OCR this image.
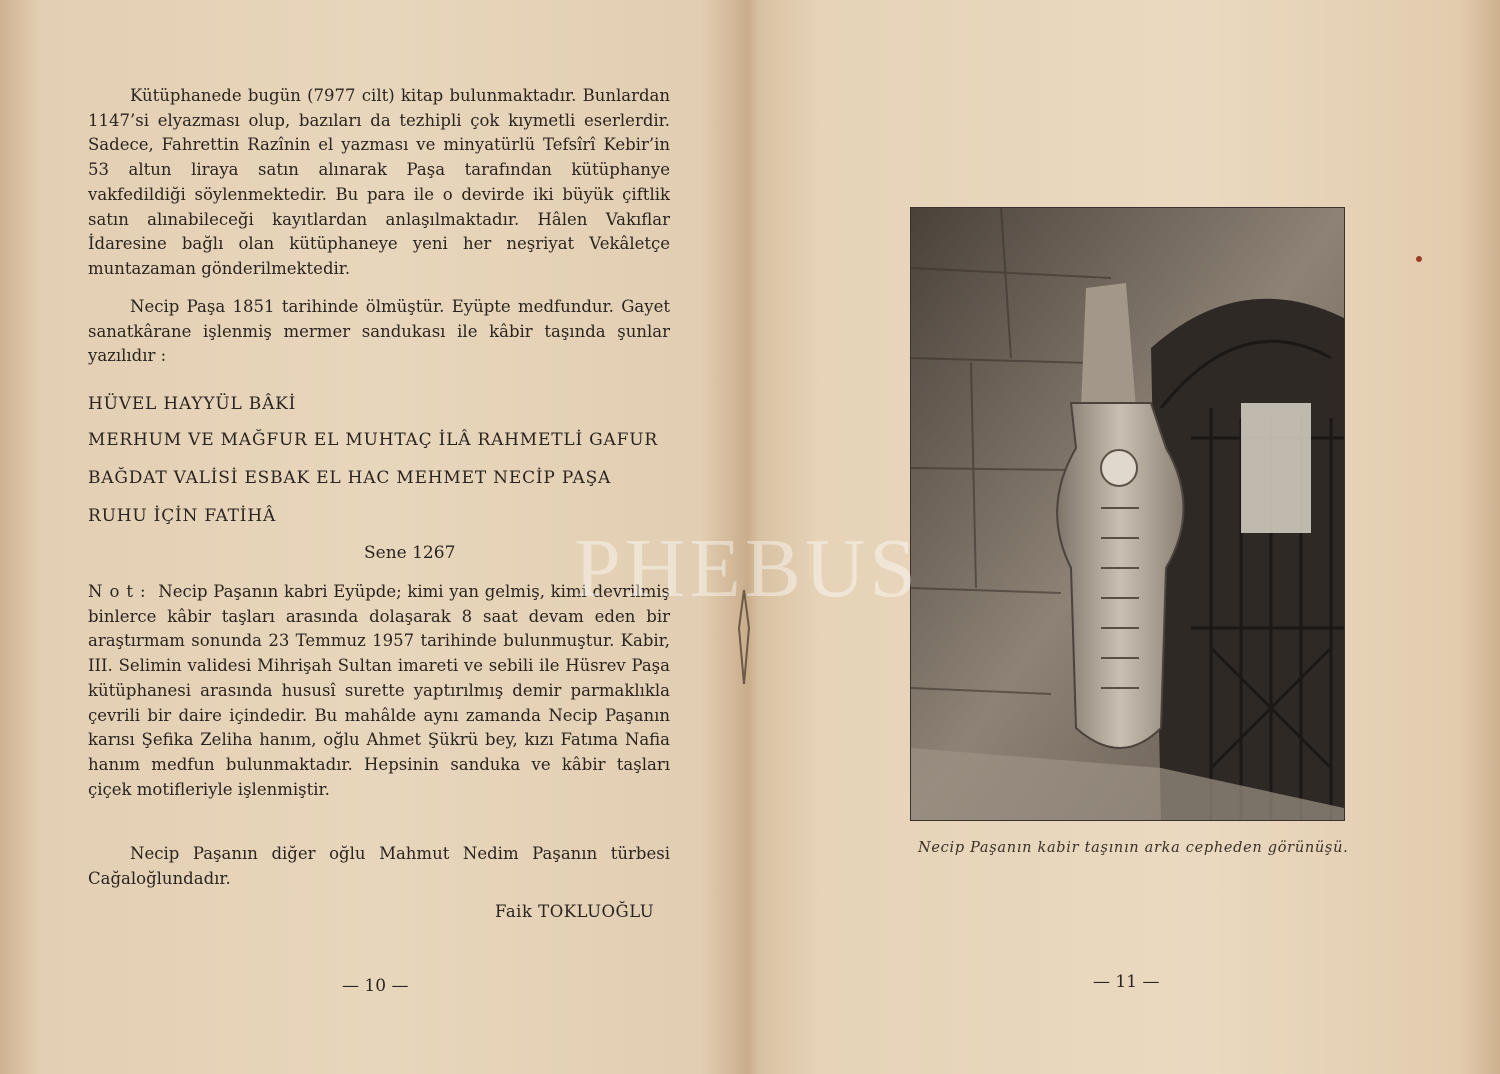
Kütüphanede bugün (7977 cilt) kitap bulunmaktadır. Bunlardan 1147’si elyazması olup, bazıları da tezhipli çok kıymetli eserlerdir. Sadece, Fahrettin Razînin el yazması ve minyatürlü Tefsîrî Kebir’in 53 altun liraya satın alınarak Paşa tarafından kütüphanye vakfedildiği söylenmektedir. Bu para ile o devirde iki büyük çiftlik satın alınabileceği kayıtlardan anlaşılmaktadır. Hâlen Vakıflar İdaresine bağlı olan kütüphaneye yeni her neşriyat Vekâletçe muntazaman gönderilmektedir.

Necip Paşa 1851 tarihinde ölmüştür. Eyüpte medfundur. Gayet sanatkârane işlenmiş mermer sandukası ile kâbir taşında şunlar yazılıdır :

HÜVEL HAYYÜL BÂKİ
MERHUM VE MAĞFUR EL MUHTAÇ İLÂ RAHMETLİ GAFUR
BAĞDAT VALİSİ ESBAK EL HAC MEHMET NECİP PAŞA
RUHU İÇİN FATİHÂ
Sene 1267

Not: Necip Paşanın kabri Eyüpde; kimi yan gelmiş, kimi devrilmiş binlerce kâbir taşları arasında dolaşarak 8 saat devam eden bir araştırmam sonunda 23 Temmuz 1957 tarihinde bulunmuştur. Kabir, III. Selimin validesi Mihrişah Sultan imareti ve sebili ile Hüsrev Paşa kütüphanesi arasında hususî surette yaptırılmış demir parmaklıkla çevrili bir daire içindedir. Bu mahâlde aynı zamanda Necip Paşanın karısı Şefika Zeliha hanım, oğlu Ahmet Şükrü bey, kızı Fatıma Nafia hanım medfun bulunmaktadır. Hepsinin sanduka ve kâbir taşları çiçek motifleriyle işlenmiştir.

Necip Paşanın diğer oğlu Mahmut Nedim Paşanın türbesi Cağaloğlundadır.

Faik TOKLUOĞLU
— 10 —
Necip Paşanın kabir taşının arka cepheden görünüşü.
— 11 —
PHEBUS
